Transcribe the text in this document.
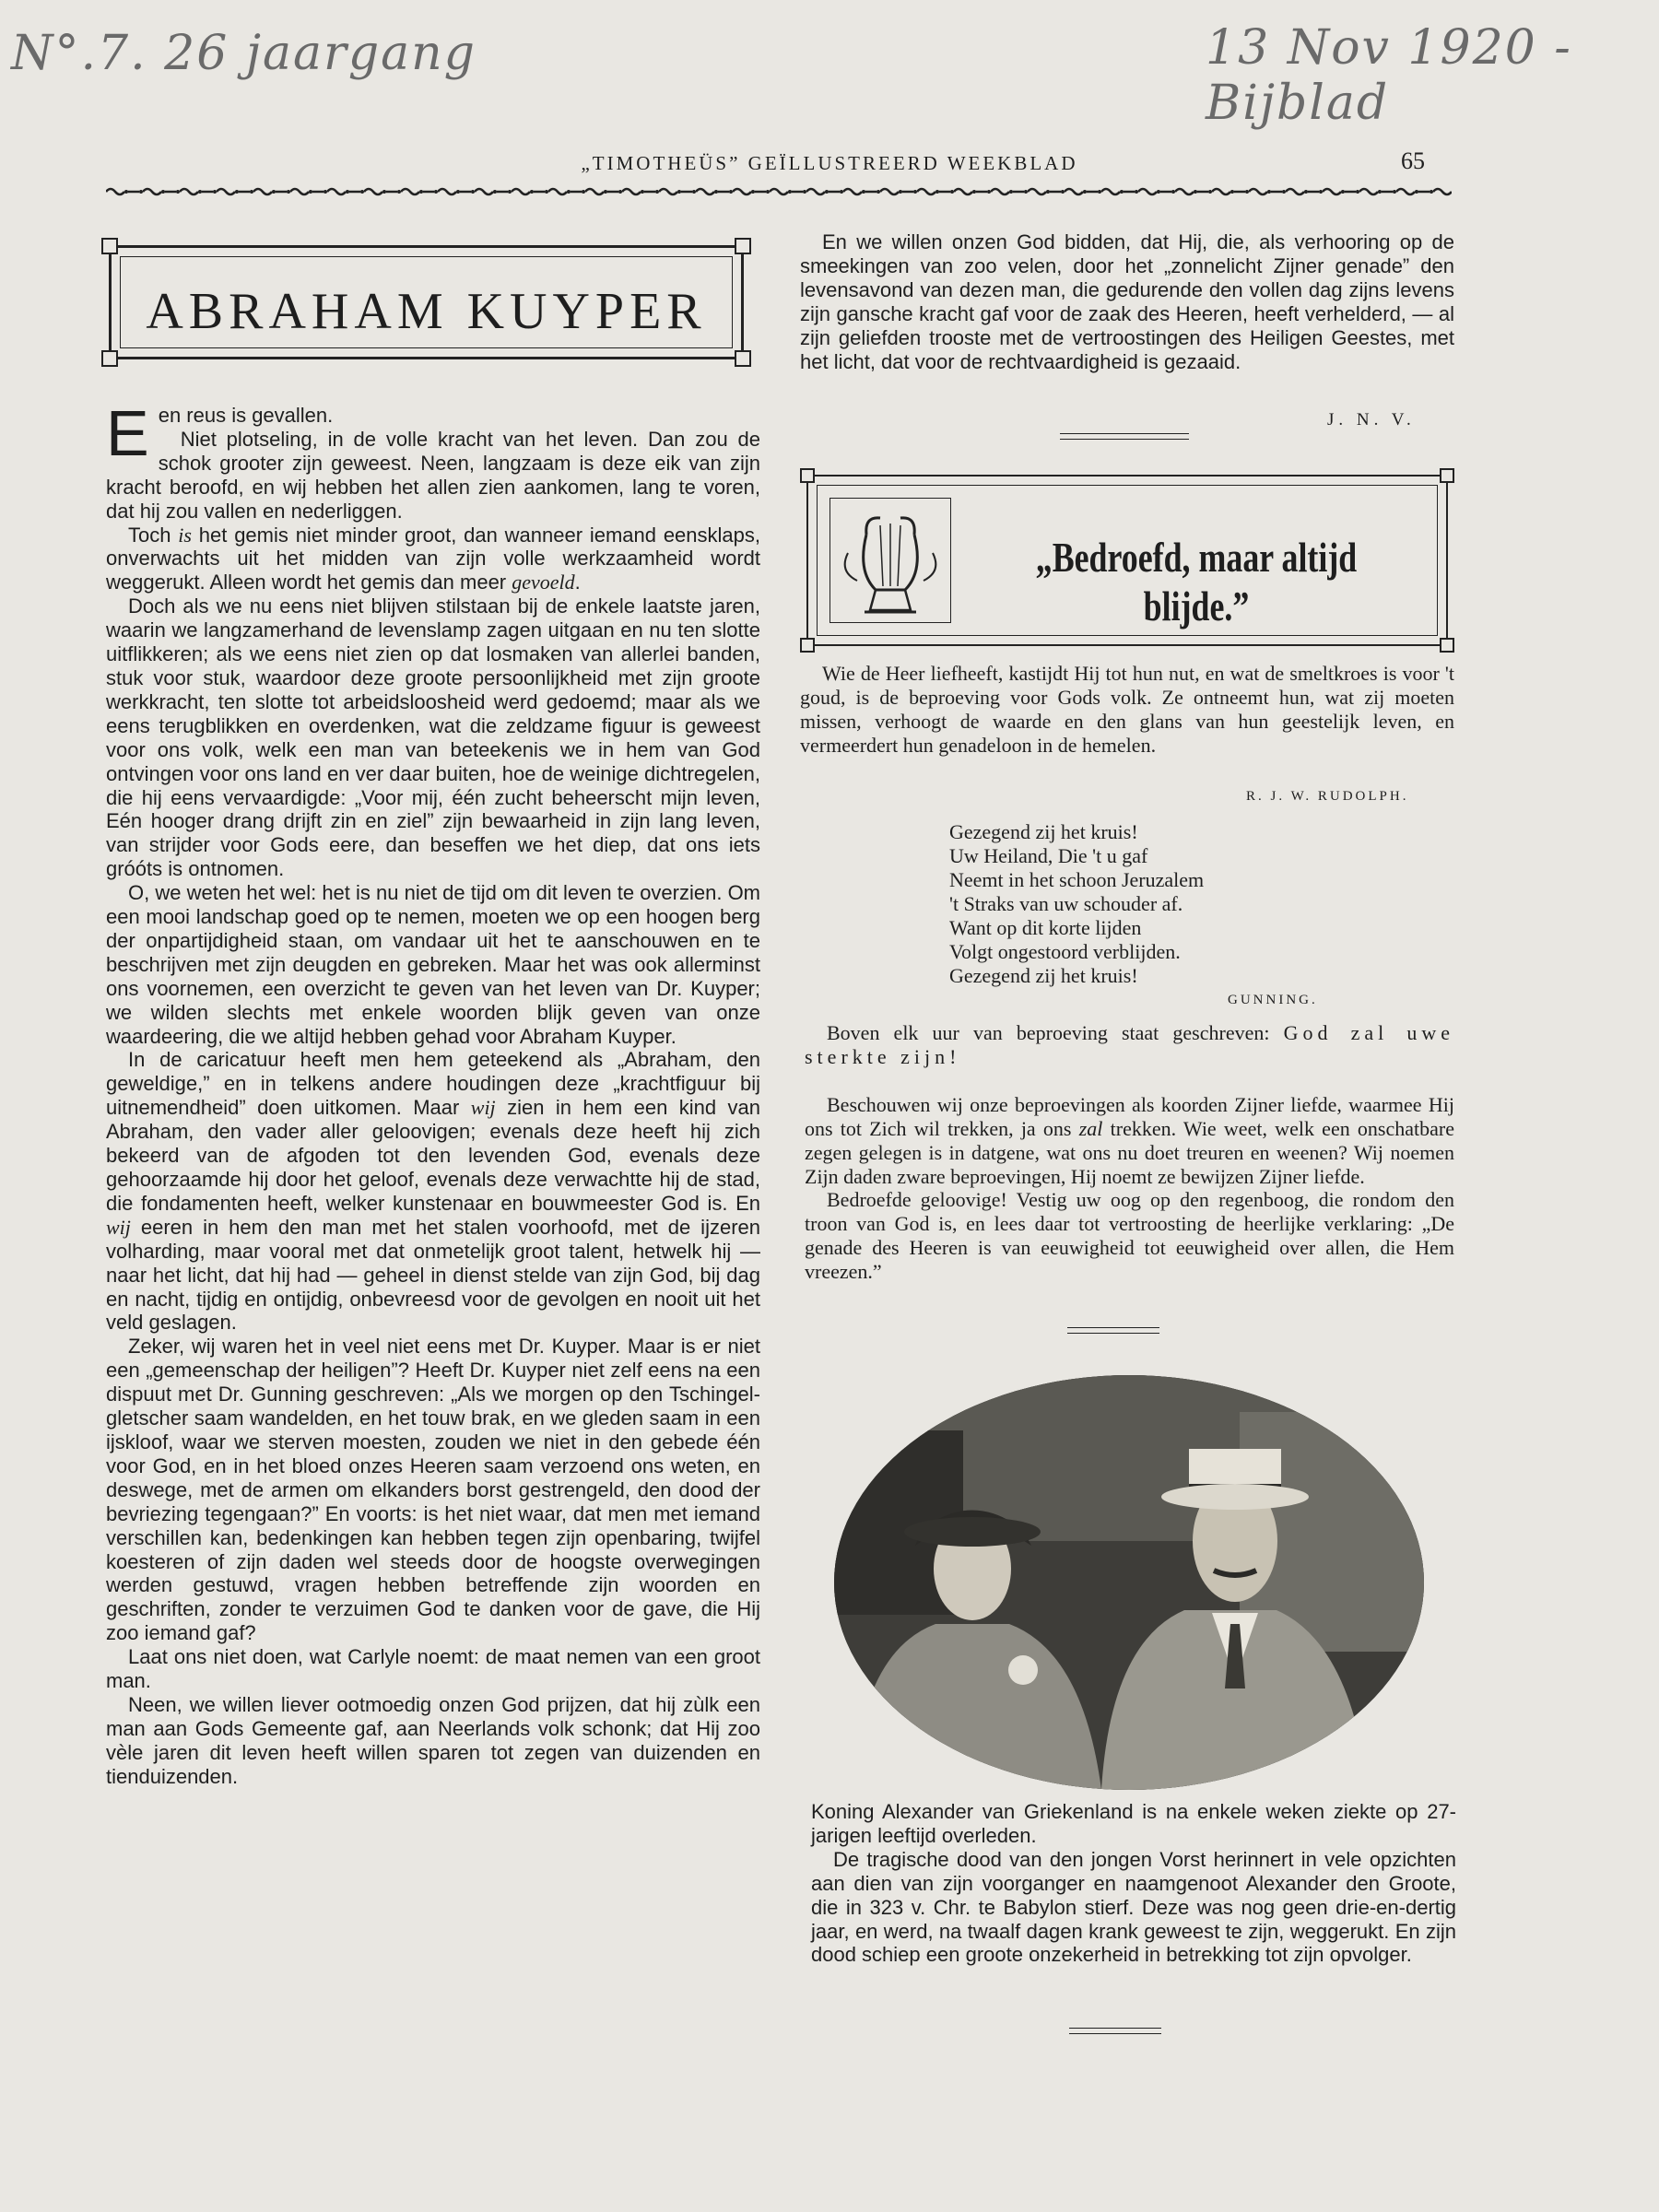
N°.7. 26 jaargang	13 Nov 1920 - Bijblad
„TIMOTHEÜS” GEÏLLUSTREERD WEEKBLAD	65
ABRAHAM KUYPER

Een reus is gevallen.

Niet plotseling, in de volle kracht van het leven. Dan zou de schok grooter zijn geweest. Neen, langzaam is deze eik van zijn kracht beroofd, en wij hebben het allen zien aankomen, lang te voren, dat hij zou vallen en nederliggen.

Toch is het gemis niet minder groot, dan wanneer iemand eensklaps, onverwachts uit het midden van zijn volle werkzaamheid wordt weggerukt. Alleen wordt het gemis dan meer gevoeld.

Doch als we nu eens niet blijven stilstaan bij de enkele laatste jaren, waarin we langzamerhand de levenslamp zagen uitgaan en nu ten slotte uitflikkeren; als we eens niet zien op dat losmaken van allerlei banden, stuk voor stuk, waardoor deze groote persoonlijkheid met zijn groote werkkracht, ten slotte tot arbeidsloosheid werd gedoemd; maar als we eens terugblikken en overdenken, wat die zeldzame figuur is geweest voor ons volk, welk een man van beteekenis we in hem van God ontvingen voor ons land en ver daar buiten, hoe de weinige dichtregelen, die hij eens vervaardigde: „Voor mij, één zucht beheerscht mijn leven, Eén hooger drang drijft zin en ziel” zijn bewaarheid in zijn lang leven, van strijder voor Gods eere, dan beseffen we het diep, dat ons iets gróóts is ontnomen.

O, we weten het wel: het is nu niet de tijd om dit leven te overzien. Om een mooi landschap goed op te nemen, moeten we op een hoogen berg der onpartijdigheid staan, om vandaar uit het te aanschouwen en te beschrijven met zijn deugden en gebreken. Maar het was ook allerminst ons voornemen, een overzicht te geven van het leven van Dr. Kuyper; we wilden slechts met enkele woorden blijk geven van onze waardeering, die we altijd hebben gehad voor Abraham Kuyper.

In de caricatuur heeft men hem geteekend als „Abraham, den geweldige,” en in telkens andere houdingen deze „krachtfiguur bij uitnemendheid” doen uitkomen. Maar wij zien in hem een kind van Abraham, den vader aller geloovigen; evenals deze heeft hij zich bekeerd van de afgoden tot den levenden God, evenals deze gehoorzaamde hij door het geloof, evenals deze verwachtte hij de stad, die fondamenten heeft, welker kunstenaar en bouwmeester God is. En wij eeren in hem den man met het stalen voorhoofd, met de ijzeren volharding, maar vooral met dat onmetelijk groot talent, hetwelk hij — naar het licht, dat hij had — geheel in dienst stelde van zijn God, bij dag en nacht, tijdig en ontijdig, onbevreesd voor de gevolgen en nooit uit het veld geslagen.

Zeker, wij waren het in veel niet eens met Dr. Kuyper. Maar is er niet een „gemeenschap der heiligen”? Heeft Dr. Kuyper niet zelf eens na een dispuut met Dr. Gunning geschreven: „Als we morgen op den Tschingel-gletscher saam wandelden, en het touw brak, en we gleden saam in een ijskloof, waar we sterven moesten, zouden we niet in den gebede één voor God, en in het bloed onzes Heeren saam verzoend ons weten, en deswege, met de armen om elkanders borst gestrengeld, den dood der bevriezing tegengaan?” En voorts: is het niet waar, dat men met iemand verschillen kan, bedenkingen kan hebben tegen zijn openbaring, twijfel koesteren of zijn daden wel steeds door de hoogste overwegingen werden gestuwd, vragen hebben betreffende zijn woorden en geschriften, zonder te verzuimen God te danken voor de gave, die Hij zoo iemand gaf?

Laat ons niet doen, wat Carlyle noemt: de maat nemen van een groot man.

Neen, we willen liever ootmoedig onzen God prijzen, dat hij zùlk een man aan Gods Gemeente gaf, aan Neerlands volk schonk; dat Hij zoo vèle jaren dit leven heeft willen sparen tot zegen van duizenden en tienduizenden.

En we willen onzen God bidden, dat Hij, die, als verhooring op de smeekingen van zoo velen, door het „zonnelicht Zijner genade” den levensavond van dezen man, die gedurende den vollen dag zijns levens zijn gansche kracht gaf voor de zaak des Heeren, heeft verhelderd, — al zijn geliefden trooste met de vertroostingen des Heiligen Geestes, met het licht, dat voor de rechtvaardigheid is gezaaid.

J. N. V.
„Bedroefd, maar altijd blijde.”

Wie de Heer liefheeft, kastijdt Hij tot hun nut, en wat de smeltkroes is voor 't goud, is de beproeving voor Gods volk. Ze ontneemt hun, wat zij moeten missen, verhoogt de waarde en den glans van hun geestelijk leven, en vermeerdert hun genadeloon in de hemelen.

R. J. W. RUDOLPH.
Gezegend zij het kruis!
Uw Heiland, Die 't u gaf
Neemt in het schoon Jeruzalem
't Straks van uw schouder af.
Want op dit korte lijden
Volgt ongestoord verblijden.
Gezegend zij het kruis!
GUNNING.

Boven elk uur van beproeving staat geschreven: God zal uwe sterkte zijn!

Beschouwen wij onze beproevingen als koorden Zijner liefde, waarmee Hij ons tot Zich wil trekken, ja ons zal trekken. Wie weet, welk een onschatbare zegen gelegen is in datgene, wat ons nu doet treuren en weenen? Wij noemen Zijn daden zware beproevingen, Hij noemt ze bewijzen Zijner liefde.

Bedroefde geloovige! Vestig uw oog op den regenboog, die rondom den troon van God is, en lees daar tot vertroosting de heerlijke verklaring: „De genade des Heeren is van eeuwigheid tot eeuwigheid over allen, die Hem vreezen.”

Koning Alexander van Griekenland is na enkele weken ziekte op 27-jarigen leeftijd overleden.

De tragische dood van den jongen Vorst herinnert in vele opzichten aan dien van zijn voorganger en naamgenoot Alexander den Groote, die in 323 v. Chr. te Babylon stierf. Deze was nog geen drie-en-dertig jaar, en werd, na twaalf dagen krank geweest te zijn, weggerukt. En zijn dood schiep een groote onzekerheid in betrekking tot zijn opvolger.
